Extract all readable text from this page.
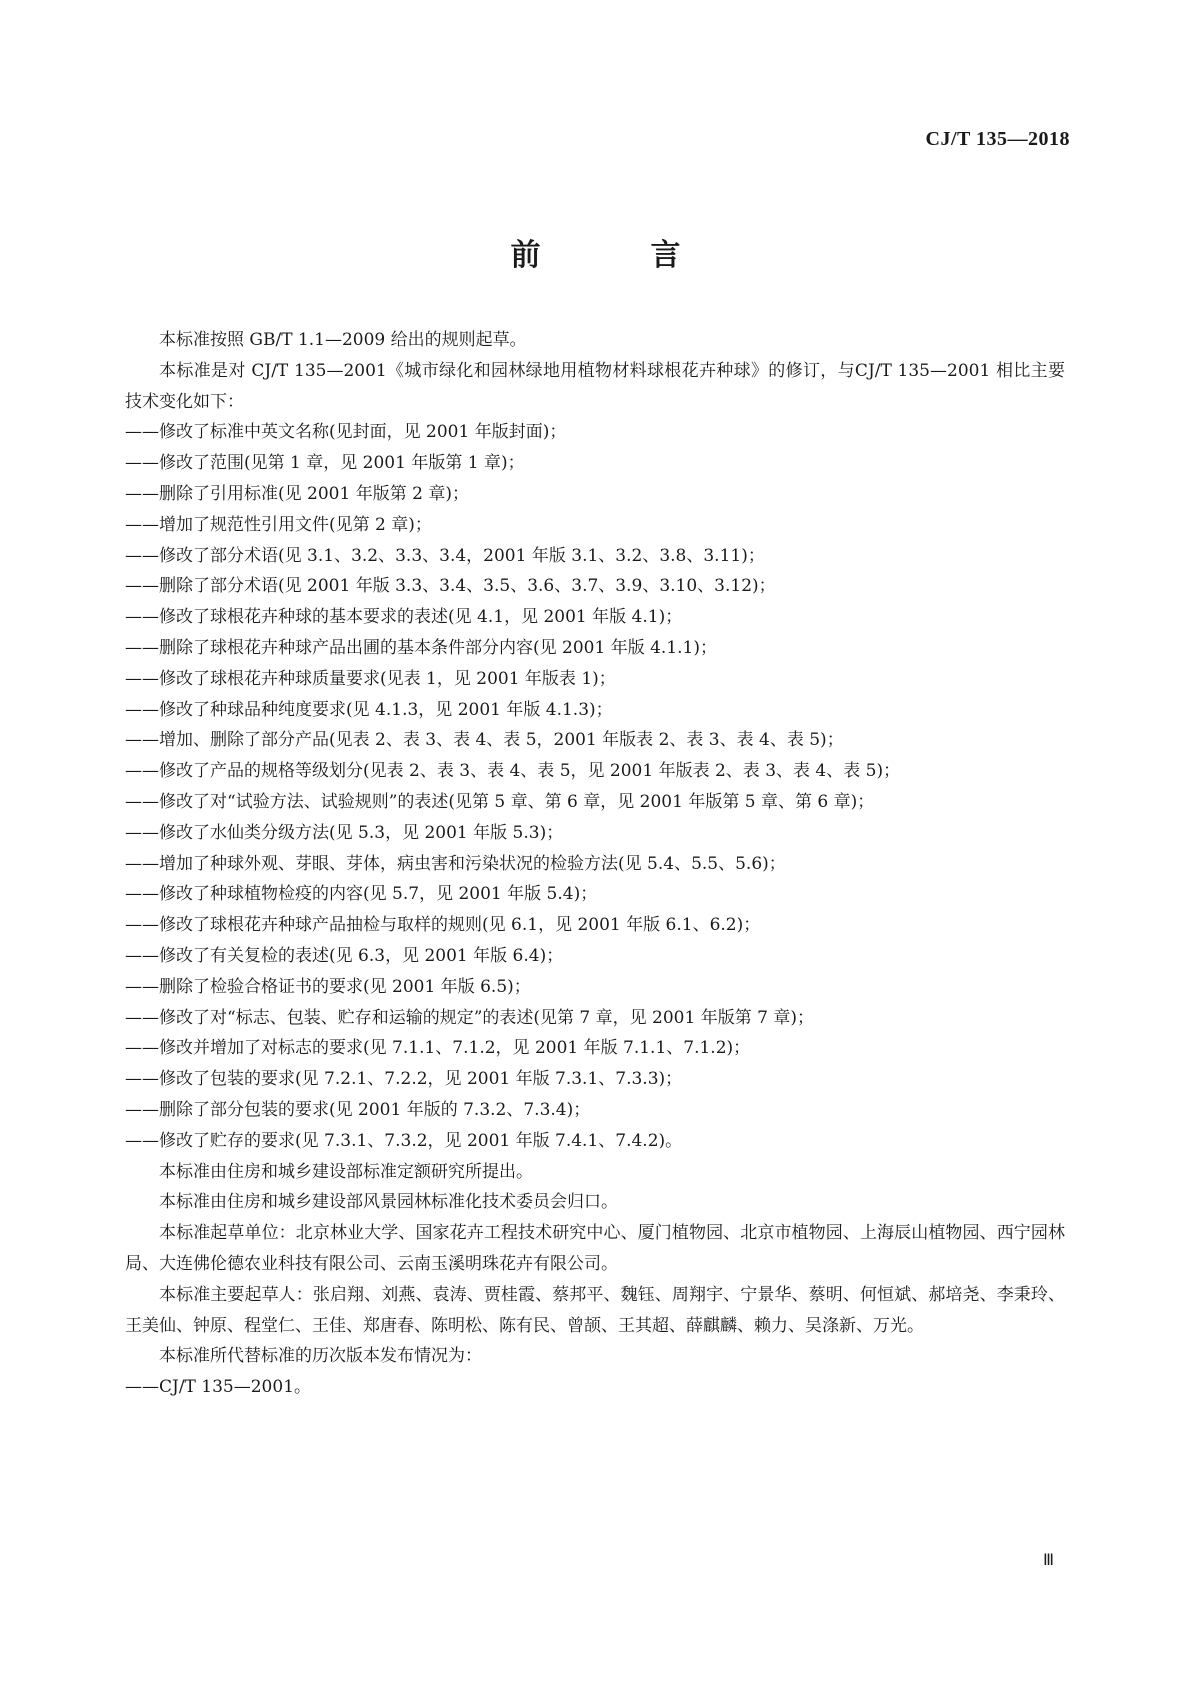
CJ/T 135—2018
前　言

本标准按照 GB/T 1.1—2009 给出的规则起草。

本标准是对 CJ/T 135—2001《城市绿化和园林绿地用植物材料球根花卉种球》的修订，与CJ/T 135—2001 相比主要技术变化如下：

——修改了标准中英文名称(见封面，见 2001 年版封面)；

——修改了范围(见第 1 章，见 2001 年版第 1 章)；

——删除了引用标准(见 2001 年版第 2 章)；

——增加了规范性引用文件(见第 2 章)；

——修改了部分术语(见 3.1、3.2、3.3、3.4，2001 年版 3.1、3.2、3.8、3.11)；

——删除了部分术语(见 2001 年版 3.3、3.4、3.5、3.6、3.7、3.9、3.10、3.12)；

——修改了球根花卉种球的基本要求的表述(见 4.1，见 2001 年版 4.1)；

——删除了球根花卉种球产品出圃的基本条件部分内容(见 2001 年版 4.1.1)；

——修改了球根花卉种球质量要求(见表 1，见 2001 年版表 1)；

——修改了种球品种纯度要求(见 4.1.3，见 2001 年版 4.1.3)；

——增加、删除了部分产品(见表 2、表 3、表 4、表 5，2001 年版表 2、表 3、表 4、表 5)；

——修改了产品的规格等级划分(见表 2、表 3、表 4、表 5，见 2001 年版表 2、表 3、表 4、表 5)；

——修改了对“试验方法、试验规则”的表述(见第 5 章、第 6 章，见 2001 年版第 5 章、第 6 章)；

——修改了水仙类分级方法(见 5.3，见 2001 年版 5.3)；

——增加了种球外观、芽眼、芽体，病虫害和污染状况的检验方法(见 5.4、5.5、5.6)；

——修改了种球植物检疫的内容(见 5.7，见 2001 年版 5.4)；

——修改了球根花卉种球产品抽检与取样的规则(见 6.1，见 2001 年版 6.1、6.2)；

——修改了有关复检的表述(见 6.3，见 2001 年版 6.4)；

——删除了检验合格证书的要求(见 2001 年版 6.5)；

——修改了对“标志、包装、贮存和运输的规定”的表述(见第 7 章，见 2001 年版第 7 章)；

——修改并增加了对标志的要求(见 7.1.1、7.1.2，见 2001 年版 7.1.1、7.1.2)；

——修改了包装的要求(见 7.2.1、7.2.2，见 2001 年版 7.3.1、7.3.3)；

——删除了部分包装的要求(见 2001 年版的 7.3.2、7.3.4)；

——修改了贮存的要求(见 7.3.1、7.3.2，见 2001 年版 7.4.1、7.4.2)。

本标准由住房和城乡建设部标准定额研究所提出。

本标准由住房和城乡建设部风景园林标准化技术委员会归口。

本标准起草单位：北京林业大学、国家花卉工程技术研究中心、厦门植物园、北京市植物园、上海辰山植物园、西宁园林局、大连佛伦德农业科技有限公司、云南玉溪明珠花卉有限公司。

本标准主要起草人：张启翔、刘燕、袁涛、贾桂霞、蔡邦平、魏钰、周翔宇、宁景华、蔡明、何恒斌、郝培尧、李秉玲、王美仙、钟原、程堂仁、王佳、郑唐春、陈明松、陈有民、曾颉、王其超、薛麒麟、赖力、吴涤新、万光。

本标准所代替标准的历次版本发布情况为：

——CJ/T 135—2001。

Ⅲ
